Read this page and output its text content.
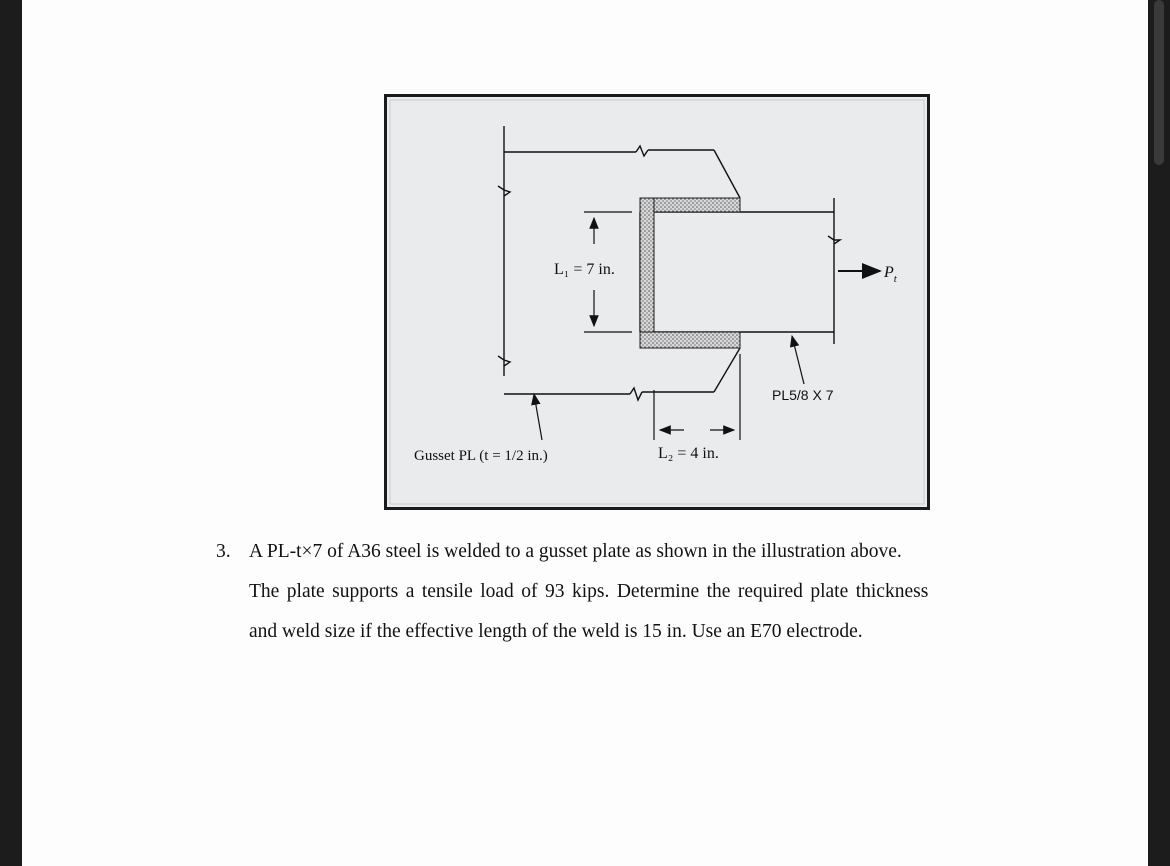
L₁ = 7 in.
L₂ = 4 in.
$P_t$
PL5/8 X 7
Gusset PL (t = 1/2 in.)
3. A PL-t×7 of A36 steel is welded to a gusset plate as shown in the illustration above.
The plate supports a tensile load of 93 kips. Determine the required plate thickness
and weld size if the effective length of the weld is 15 in. Use an E70 electrode.
